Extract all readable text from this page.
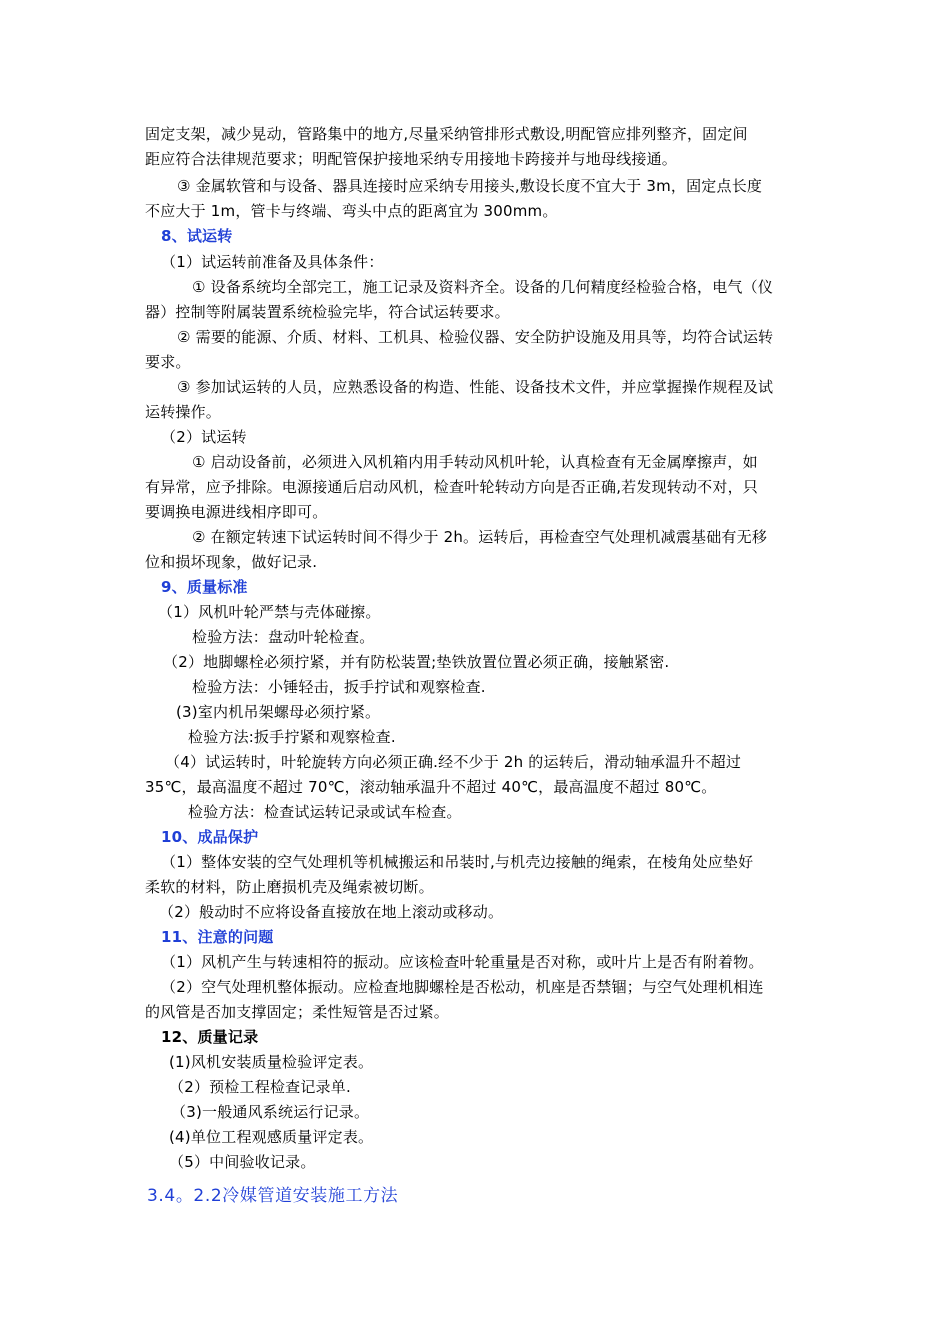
固定支架，减少晃动，管路集中的地方,尽量采纳管排形式敷设,明配管应排列整齐，固定间
距应符合法律规范要求；明配管保护接地采纳专用接地卡跨接并与地母线接通。
③ 金属软管和与设备、器具连接时应采纳专用接头,敷设长度不宜大于 3m，固定点长度
不应大于 1m，管卡与终端、弯头中点的距离宜为 300mm。
8、试运转
（1）试运转前准备及具体条件：
① 设备系统均全部完工，施工记录及资料齐全。设备的几何精度经检验合格，电气（仪
器）控制等附属装置系统检验完毕，符合试运转要求。
② 需要的能源、介质、材料、工机具、检验仪器、安全防护设施及用具等，均符合试运转
要求。
③ 参加试运转的人员，应熟悉设备的构造、性能、设备技术文件，并应掌握操作规程及试
运转操作。
（2）试运转
① 启动设备前，必须进入风机箱内用手转动风机叶轮，认真检查有无金属摩擦声，如
有异常，应予排除。电源接通后启动风机，检查叶轮转动方向是否正确,若发现转动不对，只
要调换电源进线相序即可。
② 在额定转速下试运转时间不得少于 2h。运转后，再检查空气处理机减震基础有无移
位和损坏现象，做好记录.
9、质量标准
（1）风机叶轮严禁与壳体碰擦。
检验方法：盘动叶轮检查。
（2）地脚螺栓必须拧紧，并有防松装置;垫铁放置位置必须正确，接触紧密.
检验方法：小锤轻击，扳手拧试和观察检查.
(3)室内机吊架螺母必须拧紧。
检验方法:扳手拧紧和观察检查.
（4）试运转时，叶轮旋转方向必须正确.经不少于 2h 的运转后，滑动轴承温升不超过
35℃，最高温度不超过 70℃，滚动轴承温升不超过 40℃，最高温度不超过 80℃。
检验方法：检查试运转记录或试车检查。
10、成品保护
（1）整体安装的空气处理机等机械搬运和吊装时,与机壳边接触的绳索，在棱角处应垫好
柔软的材料，防止磨损机壳及绳索被切断。
（2）般动时不应将设备直接放在地上滚动或移动。
11、注意的问题
（1）风机产生与转速相符的振动。应该检查叶轮重量是否对称，或叶片上是否有附着物。
（2）空气处理机整体振动。应检查地脚螺栓是否松动，机座是否禁锢；与空气处理机相连
的风管是否加支撑固定；柔性短管是否过紧。
12、质量记录
(1)风机安装质量检验评定表。
（2）预检工程检查记录单.
（3)一般通风系统运行记录。
(4)单位工程观感质量评定表。
（5）中间验收记录。
3.4。2.2冷媒管道安装施工方法
